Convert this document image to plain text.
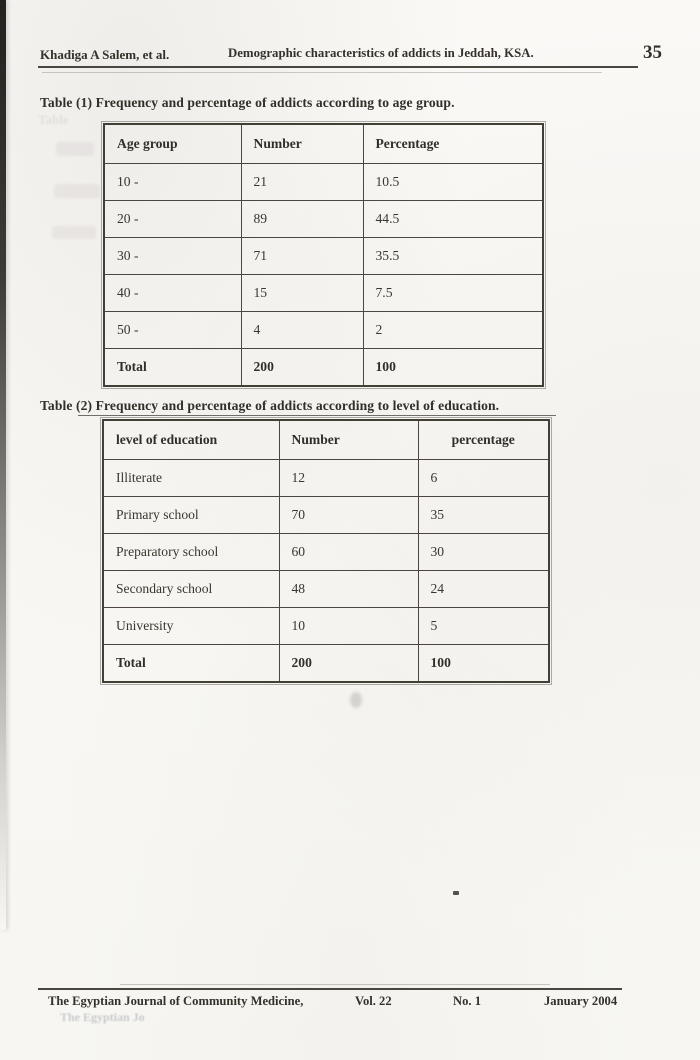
Table
Khadiga A Salem, et al.	Demographic characteristics of addicts in Jeddah, KSA.	35
Table (1) Frequency and percentage of addicts according to age group.
Age group	Number	Percentage
10 -	21	10.5
20 -	89	44.5
30 -	71	35.5
40 -	15	7.5
50 -	4	2
Total	200	100
Table (2) Frequency and percentage of addicts according to level of education.
level of education	Number	percentage
Illiterate	12	6
Primary school	70	35
Preparatory school	60	30
Secondary school	48	24
University	10	5
Total	200	100
The Egyptian Journal of Community Medicine,	Vol. 22	No. 1	January 2004
The Egyptian Jo
